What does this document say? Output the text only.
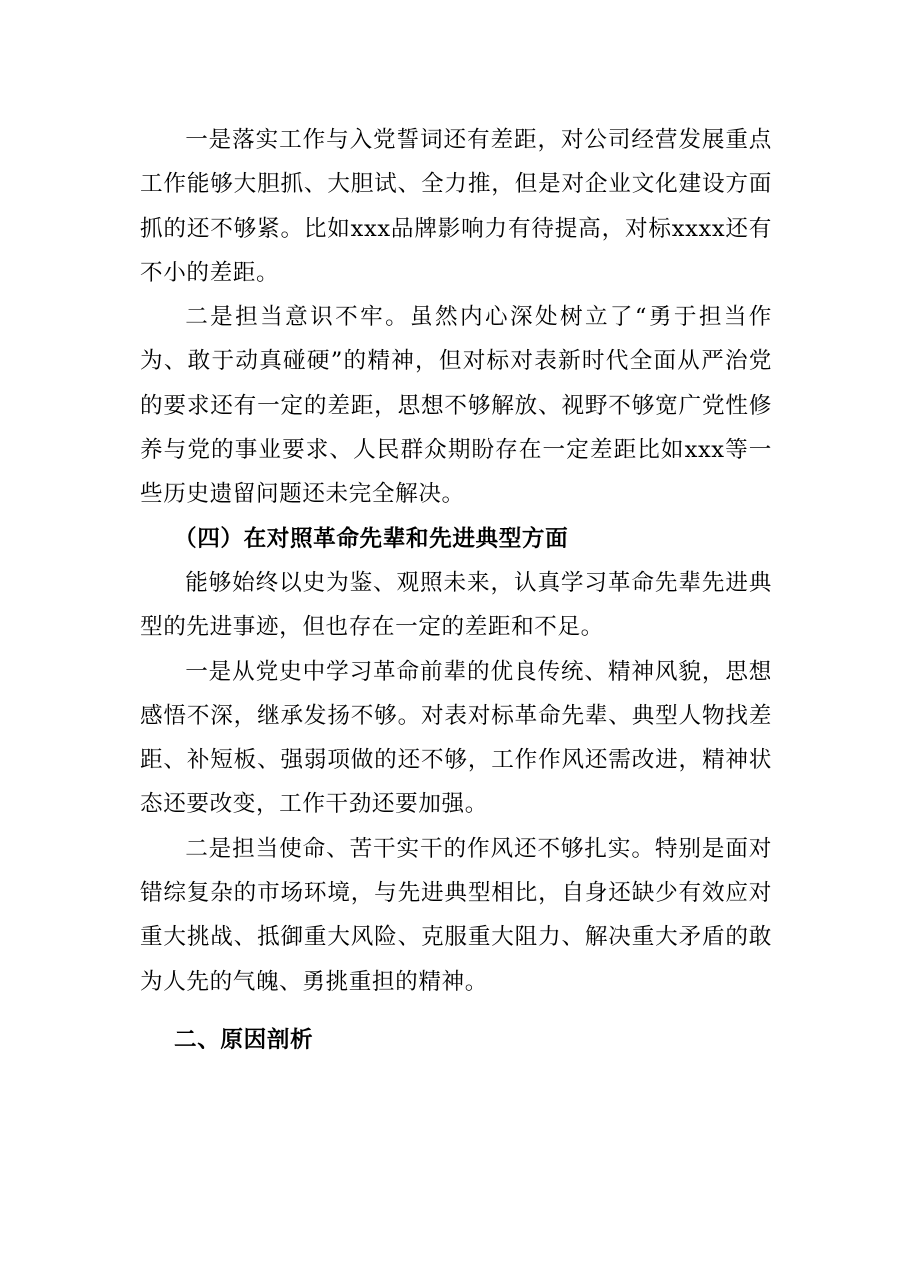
一是落实工作与入党誓词还有差距，对公司经营发展重点工作能够大胆抓、大胆试、全力推，但是对企业文化建设方面抓的还不够紧。比如xxx品牌影响力有待提高，对标xxxx还有不小的差距。

二是担当意识不牢。虽然内心深处树立了“勇于担当作为、敢于动真碰硬”的精神，但对标对表新时代全面从严治党的要求还有一定的差距，思想不够解放、视野不够宽广党性修养与党的事业要求、人民群众期盼存在一定差距比如xxx等一些历史遗留问题还未完全解决。

（四）在对照革命先辈和先进典型方面

能够始终以史为鉴、观照未来，认真学习革命先辈先进典型的先进事迹，但也存在一定的差距和不足。

一是从党史中学习革命前辈的优良传统、精神风貌，思想感悟不深，继承发扬不够。对表对标革命先辈、典型人物找差距、补短板、强弱项做的还不够，工作作风还需改进，精神状态还要改变，工作干劲还要加强。

二是担当使命、苦干实干的作风还不够扎实。特别是面对错综复杂的市场环境，与先进典型相比，自身还缺少有效应对重大挑战、抵御重大风险、克服重大阻力、解决重大矛盾的敢为人先的气魄、勇挑重担的精神。

二、原因剖析
